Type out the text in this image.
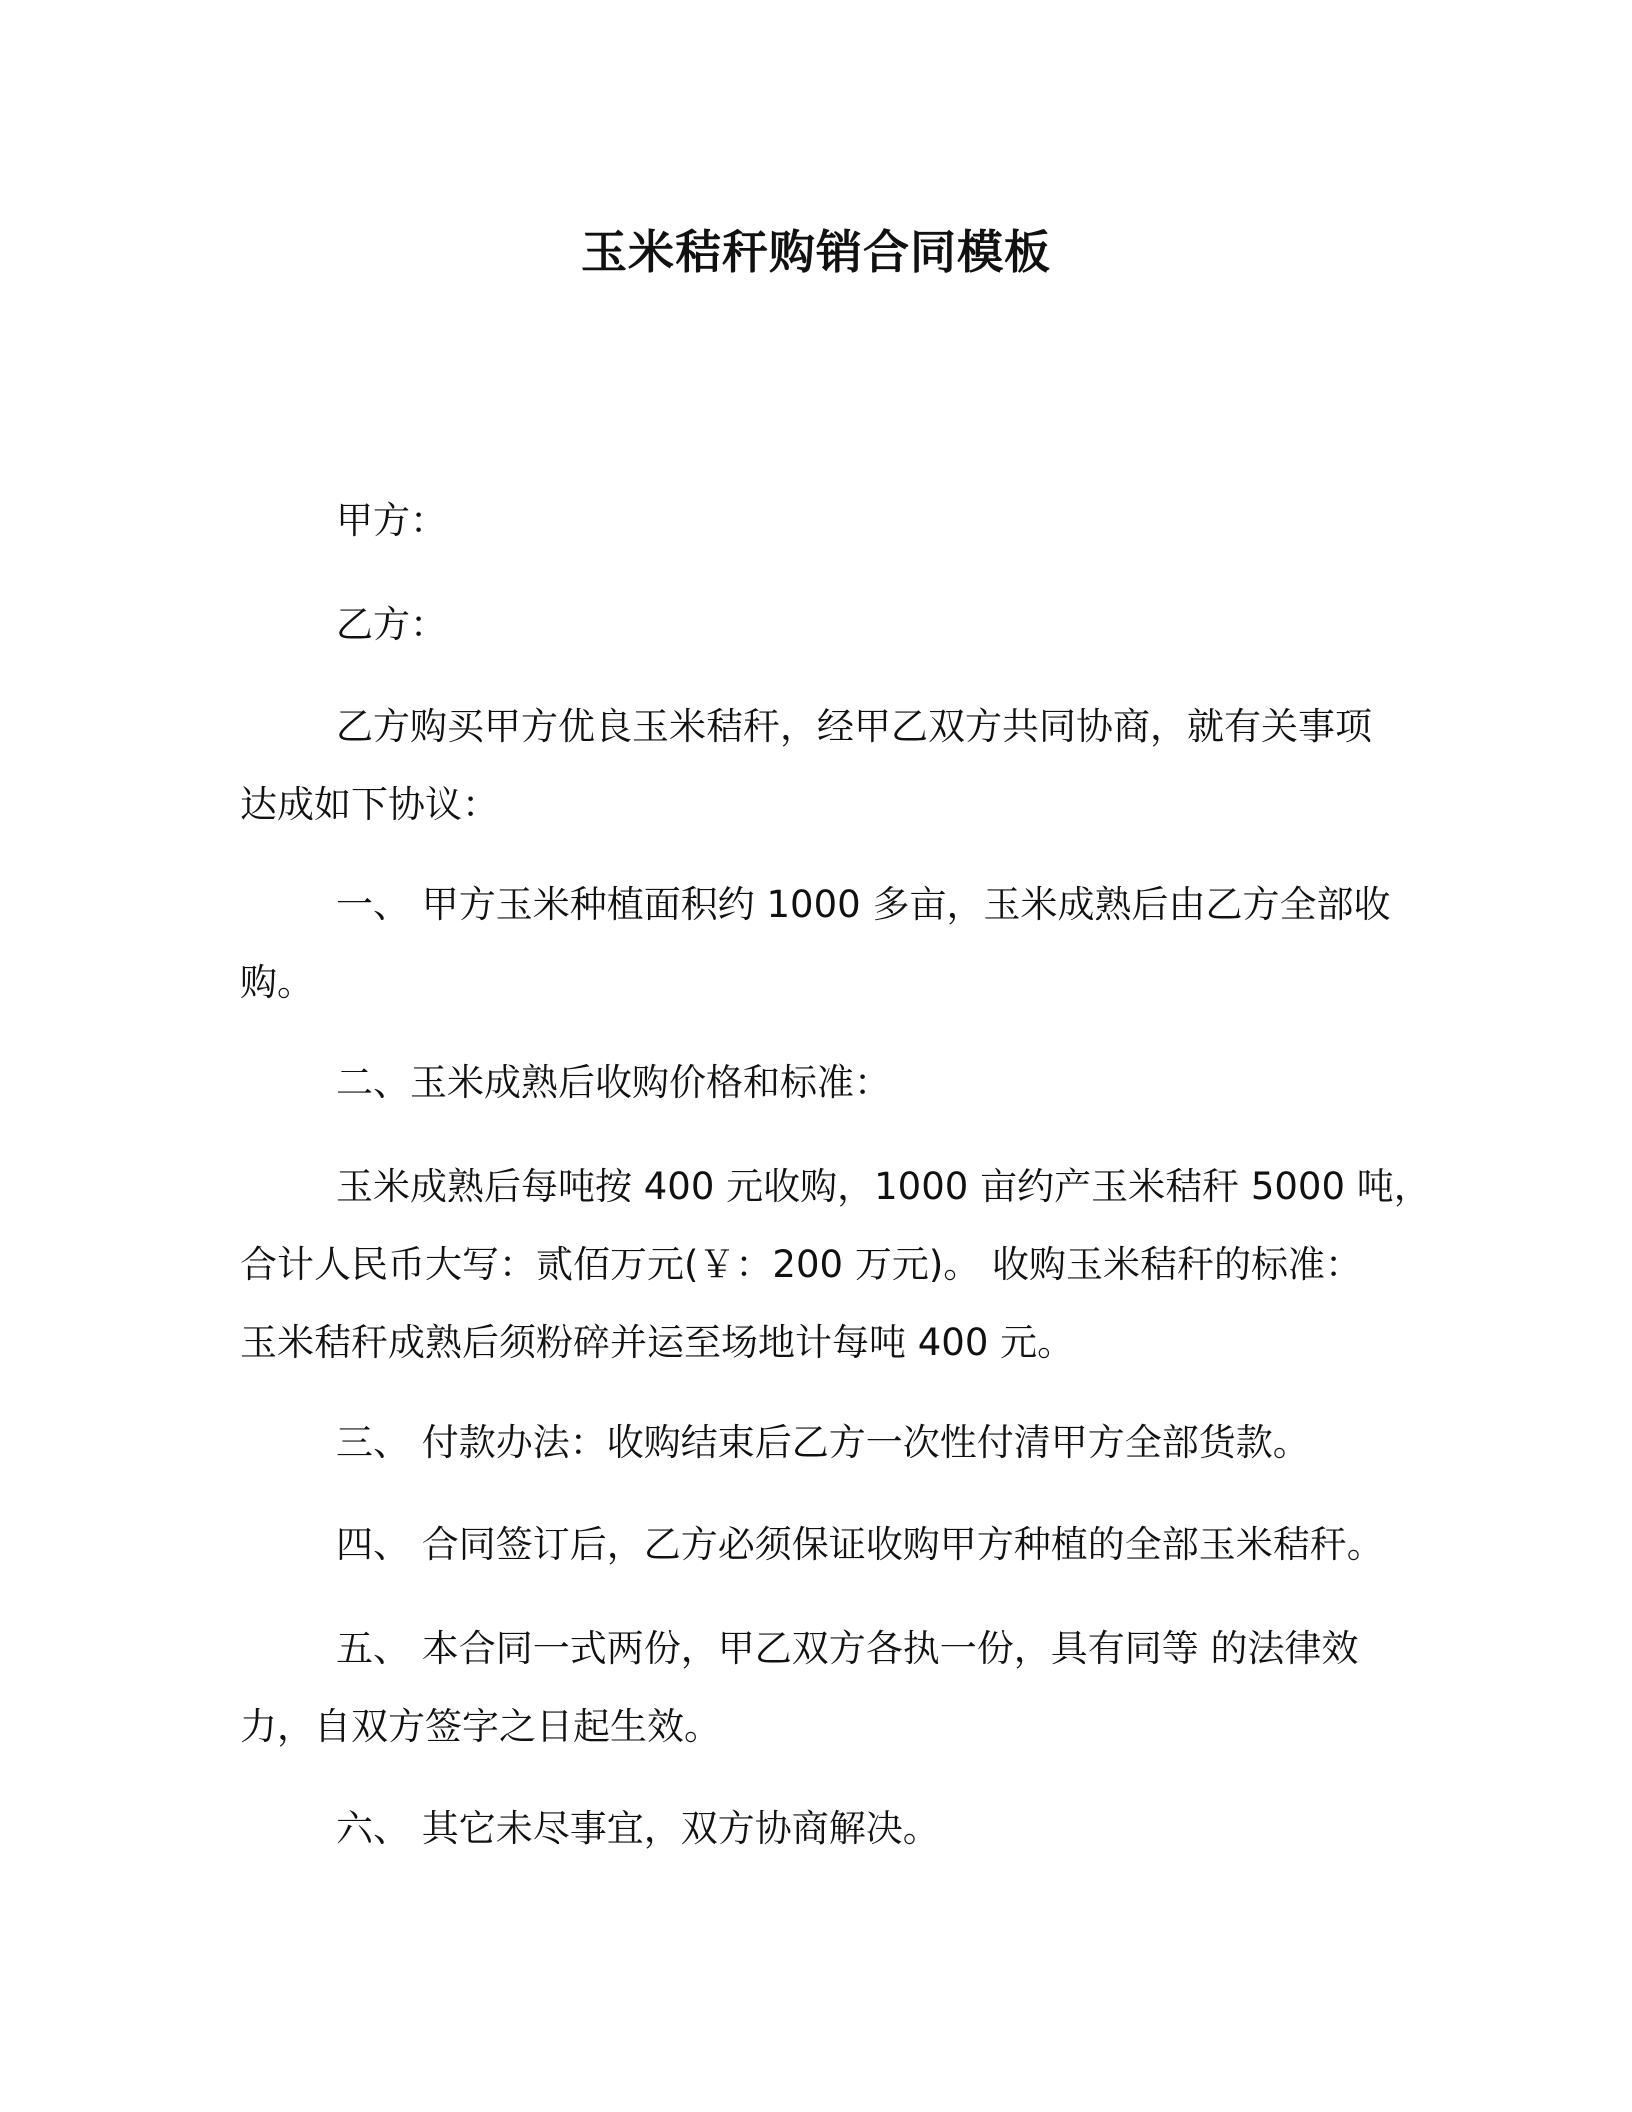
玉米秸秆购销合同模板

甲方：

乙方：

乙方购买甲方优良玉米秸秆，经甲乙双方共同协商，就有关事项
达成如下协议：

一、 甲方玉米种植面积约 1000 多亩，玉米成熟后由乙方全部收
购。

二、玉米成熟后收购价格和标准：

玉米成熟后每吨按 400 元收购，1000 亩约产玉米秸秆 5000 吨，
合计人民币大写：贰佰万元(￥：200 万元)。 收购玉米秸秆的标准：
玉米秸秆成熟后须粉碎并运至场地计每吨 400 元。

三、 付款办法：收购结束后乙方一次性付清甲方全部货款。

四、 合同签订后，乙方必须保证收购甲方种植的全部玉米秸秆。

五、 本合同一式两份，甲乙双方各执一份，具有同等 的法律效
力，自双方签字之日起生效。

六、 其它未尽事宜，双方协商解决。
